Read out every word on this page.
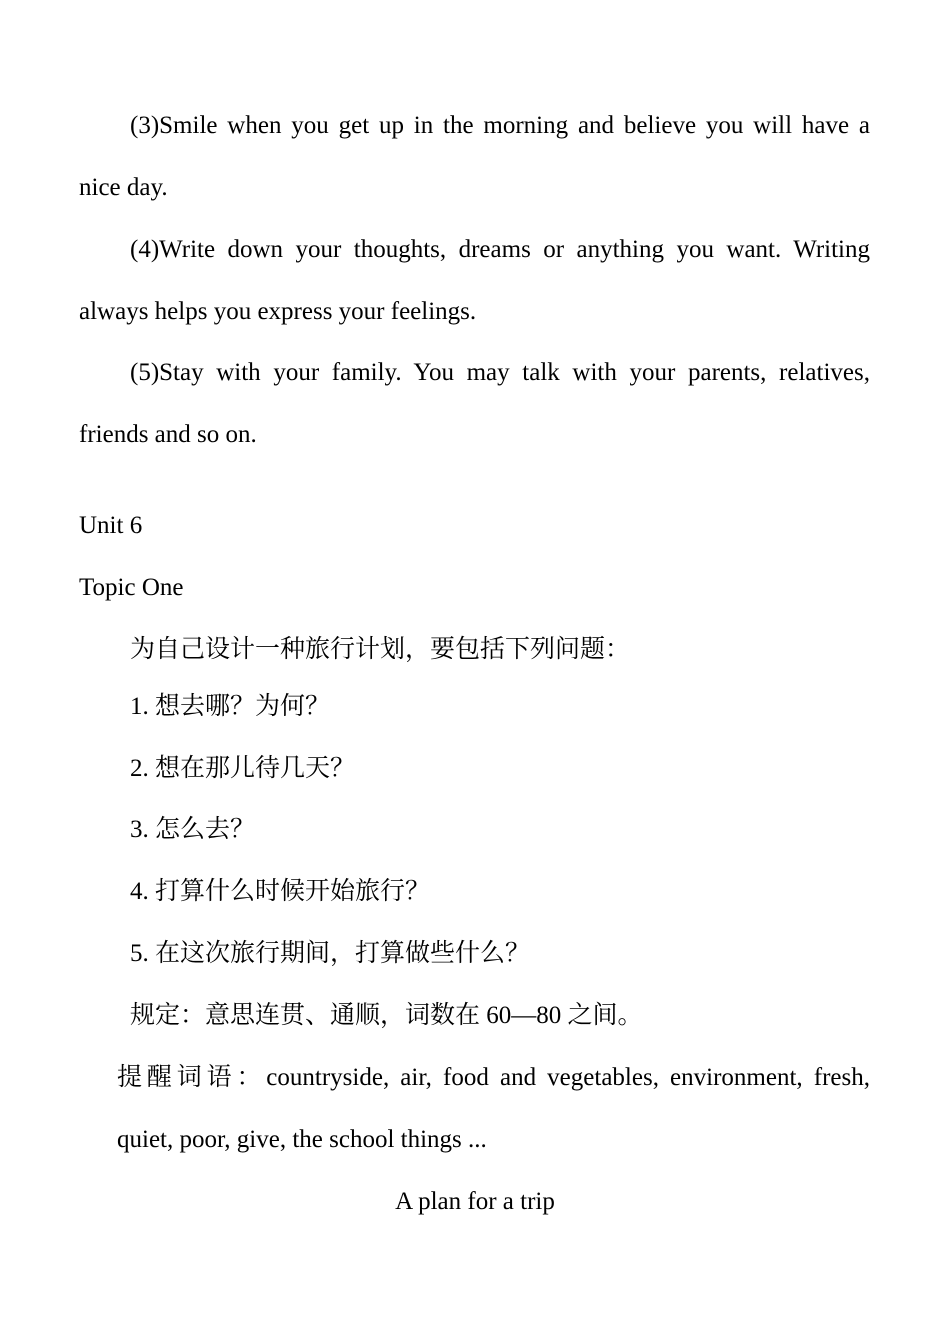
(3)Smile when you get up in the morning and believe you will have a
nice day.
(4)Write down your thoughts, dreams or anything you want. Writing
always helps you express your feelings.
(5)Stay with your family. You may talk with your parents, relatives,
friends and so on.
Unit 6
Topic One
为自己设计一种旅行计划，要包括下列问题：
1. 想去哪？为何？
2. 想在那儿待几天？
3. 怎么去？
4. 打算什么时候开始旅行？
5. 在这次旅行期间，打算做些什么？
规定：意思连贯、通顺，词数在 60—80 之间。
提醒词语：countryside, air, food and vegetables, environment, fresh,
quiet, poor, give, the school things ...
A plan for a trip
